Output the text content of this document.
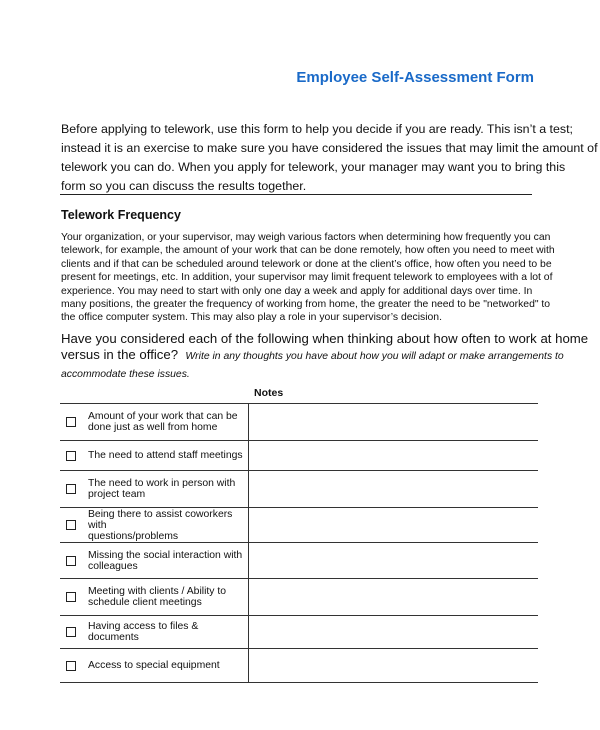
Employee Self-Assessment Form
Before applying to telework, use this form to help you decide if you are ready. This isn’t a test;
instead it is an exercise to make sure you have considered the issues that may limit the amount of
telework you can do. When you apply for telework, your manager may want you to bring this
form so you can discuss the results together.
Telework Frequency
Your organization, or your supervisor, may weigh various factors when determining how frequently you can
telework, for example, the amount of your work that can be done remotely, how often you need to meet with
clients and if that can be scheduled around telework or done at the client’s office, how often you need to be
present for meetings, etc. In addition, your supervisor may limit frequent telework to employees with a lot of
experience. You may need to start with only one day a week and apply for additional days over time. In
many positions, the greater the frequency of working from home, the greater the need to be "networked" to
the office computer system. This may also play a role in your supervisor’s decision.
Have you considered each of the following when thinking about how often to work at home
versus in the office? Write in any thoughts you have about how you will adapt or make arrangements to
accommodate these issues.
Notes
Amount of your work that can be
done just as well from home	

The need to attend staff meetings	

The need to work in person with
project team	

Being there to assist coworkers with
questions/problems	

Missing the social interaction with
colleagues	

Meeting with clients / Ability to
schedule client meetings	

Having access to files & documents	

Access to special equipment	
